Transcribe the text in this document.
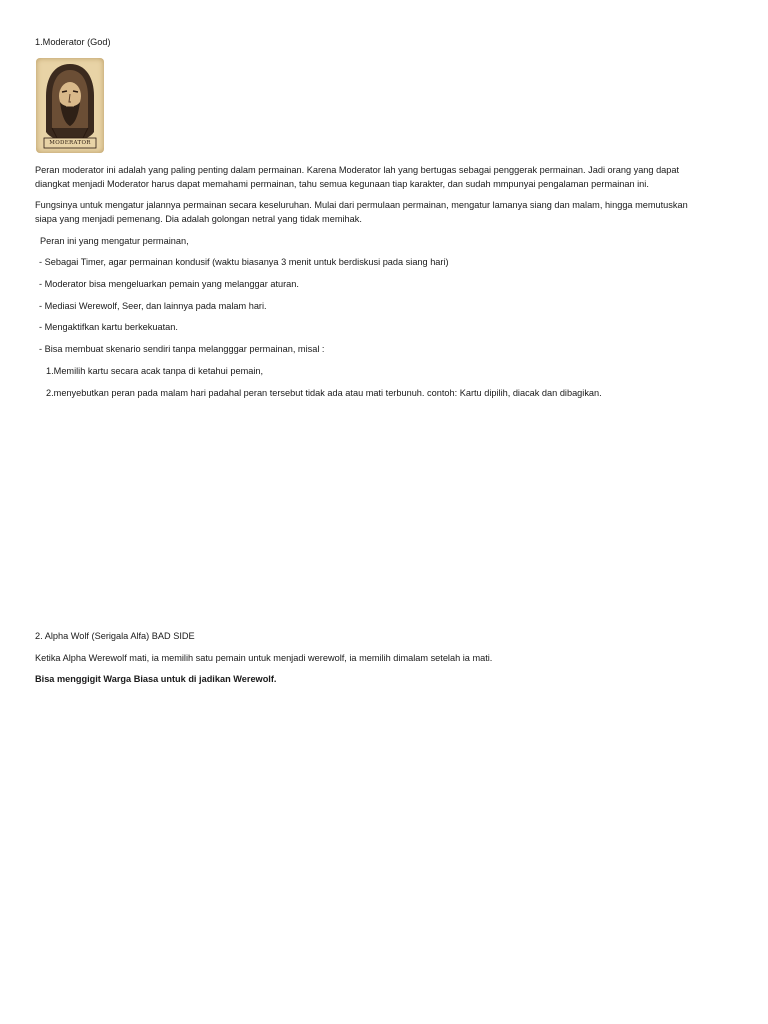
1.Moderator (God)
MODERATOR
Peran moderator ini adalah yang paling penting dalam permainan. Karena Moderator lah yang bertugas sebagai penggerak permainan. Jadi orang yang dapat
diangkat menjadi Moderator harus dapat memahami permainan, tahu semua kegunaan tiap karakter, dan sudah mmpunyai pengalaman permainan ini.
Fungsinya untuk mengatur jalannya permainan secara keseluruhan. Mulai dari permulaan permainan, mengatur lamanya siang dan malam, hingga memutuskan
siapa yang menjadi pemenang. Dia adalah golongan netral yang tidak memihak.
Peran ini yang mengatur permainan,
- Sebagai Timer, agar permainan kondusif (waktu biasanya 3 menit untuk berdiskusi pada siang hari)
- Moderator bisa mengeluarkan pemain yang melanggar aturan.
- Mediasi Werewolf, Seer, dan lainnya pada malam hari.
- Mengaktifkan kartu berkekuatan.
- Bisa membuat skenario sendiri tanpa melangggar permainan, misal :
1.Memilih kartu secara acak tanpa di ketahui pemain,
2.menyebutkan peran pada malam hari padahal peran tersebut tidak ada atau mati terbunuh. contoh: Kartu dipilih, diacak dan dibagikan.
2. Alpha Wolf (Serigala Alfa) BAD SIDE
Ketika Alpha Werewolf mati, ia memilih satu pemain untuk menjadi werewolf, ia memilih dimalam setelah ia mati.
Bisa menggigit Warga Biasa untuk di jadikan Werewolf.
